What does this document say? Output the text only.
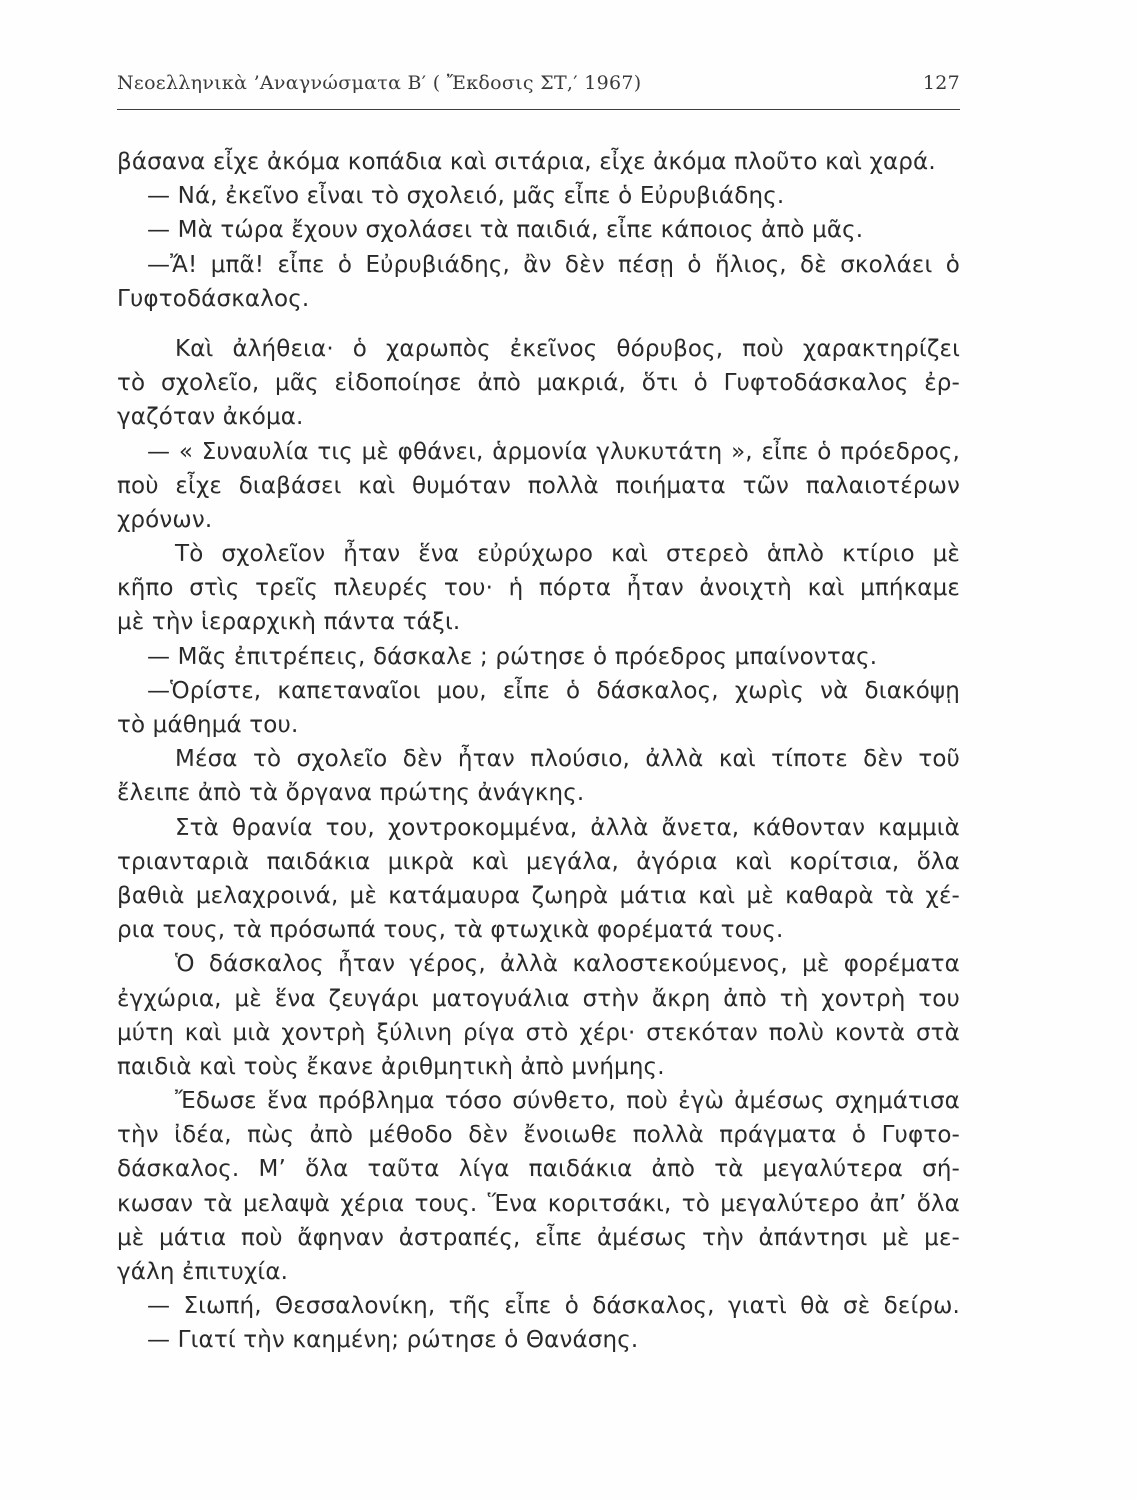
Νεοελληνικὰ ’Αναγνώσματα Β′ ( Ἔκδοσις ΣΤ,′ 1967)	127
βάσανα εἶχε ἀκόμα κοπάδια καὶ σιτάρια, εἶχε ἀκόμα πλοῦτο καὶ χαρά.
— Νά, ἐκεῖνο εἶναι τὸ σχολειό, μᾶς εἶπε ὁ Εὐρυβιάδης.
— Μὰ τώρα ἔχουν σχολάσει τὰ παιδιά, εἶπε κάποιος ἀπὸ μᾶς.
—Ἄ! μπᾶ! εἶπε ὁ Εὐρυβιάδης, ἂν δὲν πέσῃ ὁ ἥλιος, δὲ σκολάει ὁ
Γυφτοδάσκαλος.
Καὶ ἀλήθεια· ὁ χαρωπὸς ἐκεῖνος θόρυβος, ποὺ χαρακτηρίζει
τὸ σχολεῖο, μᾶς εἰδοποίησε ἀπὸ μακριά, ὅτι ὁ Γυφτοδάσκαλος ἐρ-
γαζόταν ἀκόμα.
— « Συναυλία τις μὲ φθάνει, ἁρμονία γλυκυτάτη », εἶπε ὁ πρόεδρος,
ποὺ εἶχε διαβάσει καὶ θυμόταν πολλὰ ποιήματα τῶν παλαιοτέρων
χρόνων.
Τὸ σχολεῖον ἦταν ἕνα εὐρύχωρο καὶ στερεὸ ἁπλὸ κτίριο μὲ
κῆπο στὶς τρεῖς πλευρές του· ἡ πόρτα ἦταν ἀνοιχτὴ καὶ μπήκαμε
μὲ τὴν ἱεραρχικὴ πάντα τάξι.
— Μᾶς ἐπιτρέπεις, δάσκαλε ; ρώτησε ὁ πρόεδρος μπαίνοντας.
—Ὁρίστε, καπεταναῖοι μου, εἶπε ὁ δάσκαλος, χωρὶς νὰ διακόψῃ
τὸ μάθημά του.
Μέσα τὸ σχολεῖο δὲν ἦταν πλούσιο, ἀλλὰ καὶ τίποτε δὲν τοῦ
ἔλειπε ἀπὸ τὰ ὄργανα πρώτης ἀνάγκης.
Στὰ θρανία του, χοντροκομμένα, ἀλλὰ ἄνετα, κάθονταν καμμιὰ
τριανταριὰ παιδάκια μικρὰ καὶ μεγάλα, ἀγόρια καὶ κορίτσια, ὅλα
βαθιὰ μελαχροινά, μὲ κατάμαυρα ζωηρὰ μάτια καὶ μὲ καθαρὰ τὰ χέ-
ρια τους, τὰ πρόσωπά τους, τὰ φτωχικὰ φορέματά τους.
Ὁ δάσκαλος ἦταν γέρος, ἀλλὰ καλοστεκούμενος, μὲ φορέματα
ἐγχώρια, μὲ ἕνα ζευγάρι ματογυάλια στὴν ἄκρη ἀπὸ τὴ χοντρὴ του
μύτη καὶ μιὰ χοντρὴ ξύλινη ρίγα στὸ χέρι· στεκόταν πολὺ κοντὰ στὰ
παιδιὰ καὶ τοὺς ἔκανε ἀριθμητικὴ ἀπὸ μνήμης.
Ἔδωσε ἕνα πρόβλημα τόσο σύνθετο, ποὺ ἐγὼ ἀμέσως σχημάτισα
τὴν ἰδέα, πὼς ἀπὸ μέθοδο δὲν ἔνοιωθε πολλὰ πράγματα ὁ Γυφτο-
δάσκαλος. Μ’ ὅλα ταῦτα λίγα παιδάκια ἀπὸ τὰ μεγαλύτερα σή-
κωσαν τὰ μελαψὰ χέρια τους. Ἕνα κοριτσάκι, τὸ μεγαλύτερο ἀπ’ ὅλα
μὲ μάτια ποὺ ἄφηναν ἀστραπές, εἶπε ἀμέσως τὴν ἀπάντησι μὲ με-
γάλη ἐπιτυχία.
— Σιωπή, Θεσσαλονίκη, τῆς εἶπε ὁ δάσκαλος, γιατὶ θὰ σὲ δείρω.
— Γιατί τὴν καημένη; ρώτησε ὁ Θανάσης.
